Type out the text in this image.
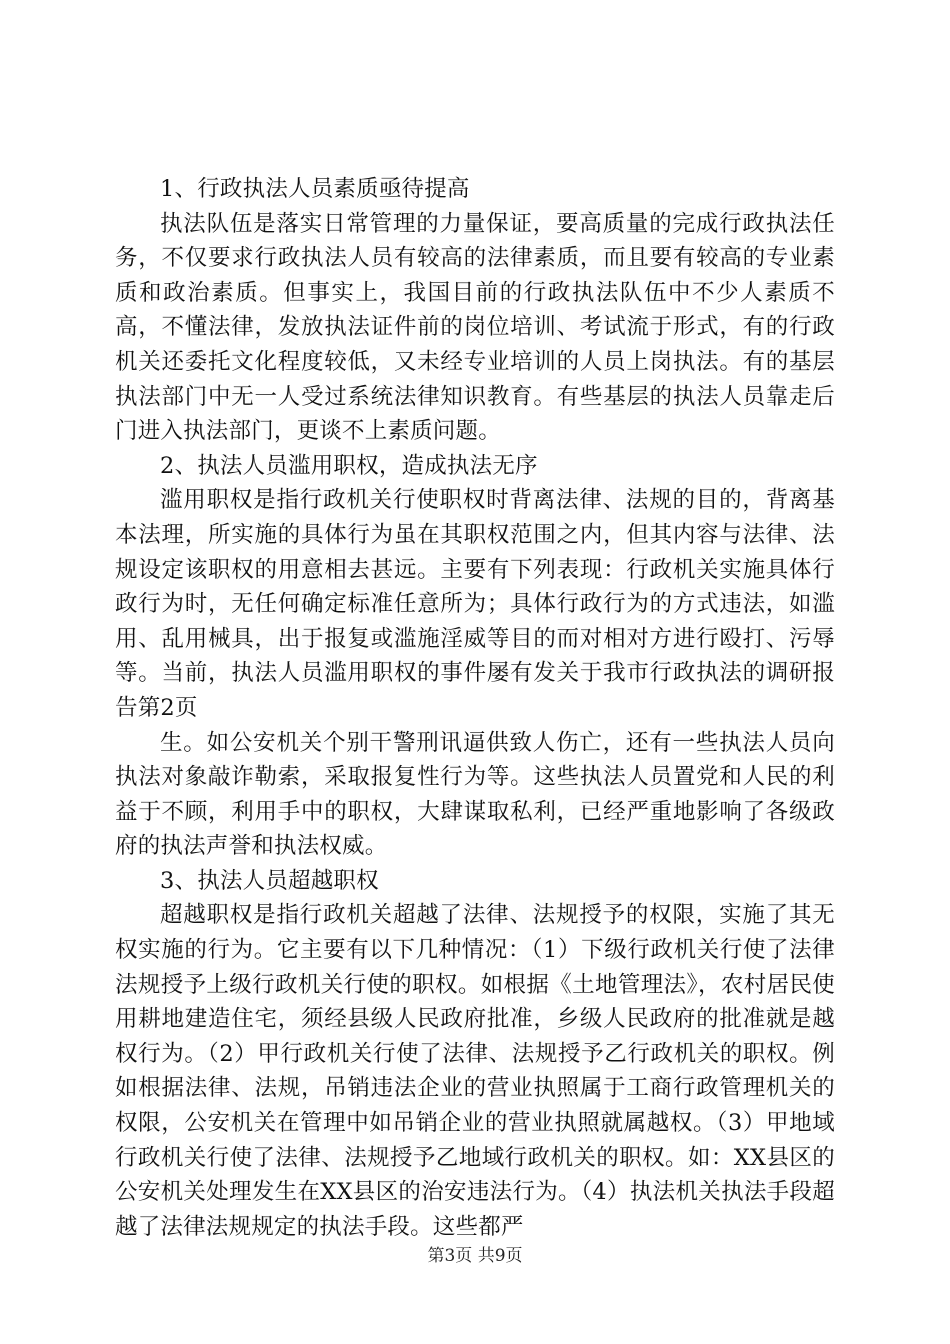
1、行政执法人员素质亟待提高

执法队伍是落实日常管理的力量保证，要高质量的完成行政执法任务，不仅要求行政执法人员有较高的法律素质，而且要有较高的专业素质和政治素质。但事实上，我国目前的行政执法队伍中不少人素质不高，不懂法律，发放执法证件前的岗位培训、考试流于形式，有的行政机关还委托文化程度较低，又未经专业培训的人员上岗执法。有的基层执法部门中无一人受过系统法律知识教育。有些基层的执法人员靠走后门进入执法部门，更谈不上素质问题。

2、执法人员滥用职权，造成执法无序

滥用职权是指行政机关行使职权时背离法律、法规的目的，背离基本法理，所实施的具体行为虽在其职权范围之内，但其内容与法律、法规设定该职权的用意相去甚远。主要有下列表现：行政机关实施具体行政行为时，无任何确定标准任意所为；具体行政行为的方式违法，如滥用、乱用械具，出于报复或滥施淫威等目的而对相对方进行殴打、污辱等。当前，执法人员滥用职权的事件屡有发关于我市行政执法的调研报告第2页

生。如公安机关个别干警刑讯逼供致人伤亡，还有一些执法人员向执法对象敲诈勒索，采取报复性行为等。这些执法人员置党和人民的利益于不顾，利用手中的职权，大肆谋取私利，已经严重地影响了各级政府的执法声誉和执法权威。

3、执法人员超越职权

超越职权是指行政机关超越了法律、法规授予的权限，实施了其无权实施的行为。它主要有以下几种情况：（1）下级行政机关行使了法律法规授予上级行政机关行使的职权。如根据《土地管理法》，农村居民使用耕地建造住宅，须经县级人民政府批准，乡级人民政府的批准就是越权行为。（2）甲行政机关行使了法律、法规授予乙行政机关的职权。例如根据法律、法规，吊销违法企业的营业执照属于工商行政管理机关的权限，公安机关在管理中如吊销企业的营业执照就属越权。（3）甲地域行政机关行使了法律、法规授予乙地域行政机关的职权。如：XX县区的公安机关处理发生在XX县区的治安违法行为。（4）执法机关执法手段超越了法律法规规定的执法手段。这些都严

第3页 共9页
